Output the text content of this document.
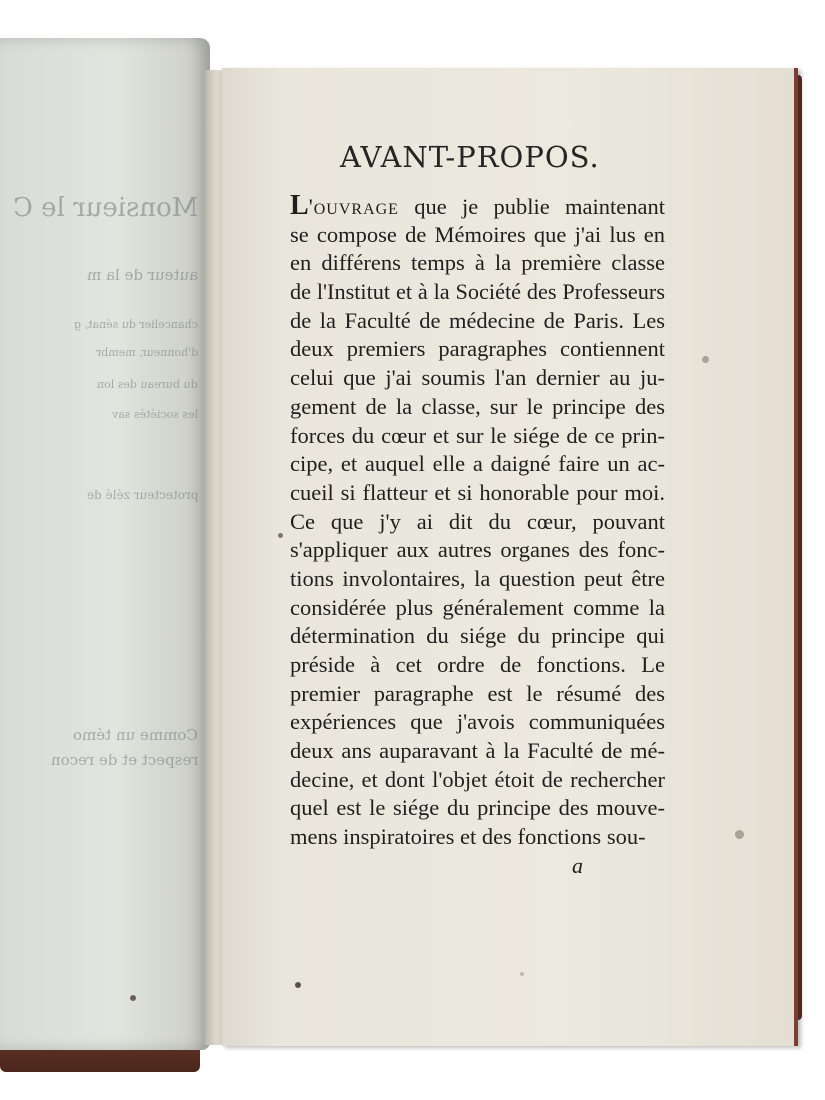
Monsieur le C
auteur de la m
chancelier du sénat, g
d'honneur, membr
du bureau des lon
les sociétés sav
protecteur zélé de
Comme un témo
respect et de recon
AVANT-PROPOS.
L'ouvrage que je publie maintenant
se compose de Mémoires que j'ai lus en
en différens temps à la première classe
de l'Institut et à la Société des Professeurs
de la Faculté de médecine de Paris. Les
deux premiers paragraphes contiennent
celui que j'ai soumis l'an dernier au ju-
gement de la classe, sur le principe des
forces du cœur et sur le siége de ce prin-
cipe, et auquel elle a daigné faire un ac-
cueil si flatteur et si honorable pour moi.
Ce que j'y ai dit du cœur, pouvant
s'appliquer aux autres organes des fonc-
tions involontaires, la question peut être
considérée plus généralement comme la
détermination du siége du principe qui
préside à cet ordre de fonctions. Le
premier paragraphe est le résumé des
expériences que j'avois communiquées
deux ans auparavant à la Faculté de mé-
decine, et dont l'objet étoit de rechercher
quel est le siége du principe des mouve-
mens inspiratoires et des fonctions sou-
a
